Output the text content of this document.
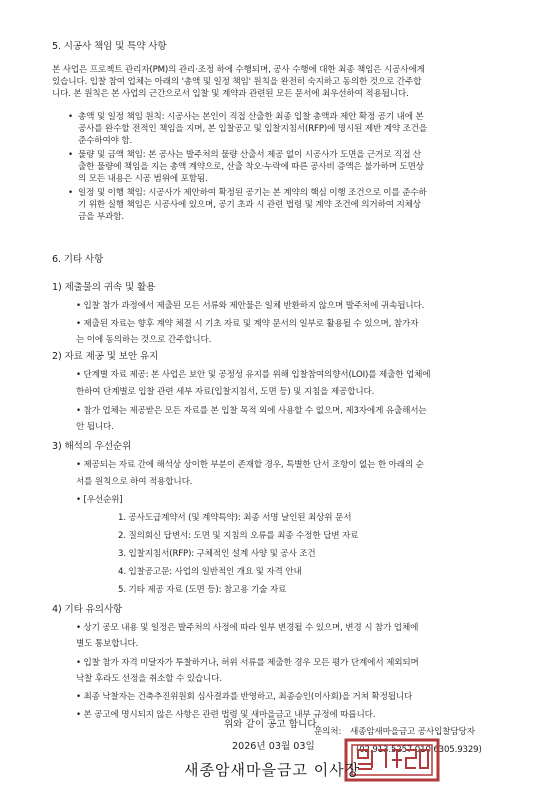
5. 시공사 책임 및 특약 사항
본 사업은 프로젝트 관리자(PM)의 관리·조정 하에 수행되며, 공사 수행에 대한 최종 책임은 시공사에게
있습니다. 입찰 참여 업체는 아래의 '총액 및 일정 책임' 원칙을 완전히 숙지하고 동의한 것으로 간주합
니다. 본 원칙은 본 사업의 근간으로서 입찰 및 계약과 관련된 모든 문서에 최우선하여 적용됩니다.
• 총액 및 일정 책임 원칙: 시공사는 본인이 직접 산출한 최종 입찰 총액과 제안 확정 공기 내에 본
공사를 완수할 전적인 책임을 지며, 본 입찰공고 및 입찰지침서(RFP)에 명시된 제반 계약 조건을
준수하여야 함.
• 물량 및 금액 책임: 본 공사는 발주처의 물량 산출서 제공 없이 시공사가 도면을 근거로 직접 산
출한 물량에 책임을 지는 총액 계약으로, 산출 착오·누락에 따른 공사비 증액은 불가하며 도면상
의 모든 내용은 시공 범위에 포함됨.
• 일정 및 이행 책임: 시공사가 제안하여 확정된 공기는 본 계약의 핵심 이행 조건으로 이를 준수하
기 위한 실행 책임은 시공사에 있으며, 공기 초과 시 관련 법령 및 계약 조건에 의거하여 지체상
금을 부과함.
6. 기타 사항
1) 제출물의 귀속 및 활용
• 입찰 참가 과정에서 제출된 모든 서류와 제안물은 일체 반환하지 않으며 발주처에 귀속됩니다.
• 제출된 자료는 향후 계약 체결 시 기초 자료 및 계약 문서의 일부로 활용될 수 있으며, 참가자
는 이에 동의하는 것으로 간주합니다.
2) 자료 제공 및 보안 유지
• 단계별 자료 제공: 본 사업은 보안 및 공정성 유지를 위해 입찰참여의향서(LOI)를 제출한 업체에
한하여 단계별로 입찰 관련 세부 자료(입찰지침서, 도면 등) 및 지침을 제공합니다.
• 참가 업체는 제공받은 모든 자료를 본 입찰 목적 외에 사용할 수 없으며, 제3자에게 유출해서는
안 됩니다.
3) 해석의 우선순위
• 제공되는 자료 간에 해석상 상이한 부분이 존재할 경우, 특별한 단서 조항이 없는 한 아래의 순
서를 원칙으로 하여 적용합니다.
• [우선순위]
1. 공사도급계약서 (및 계약특약): 최종 서명 날인된 최상위 문서
2. 질의회신 답변서: 도면 및 지침의 오류를 최종 수정한 답변 자료
3. 입찰지침서(RFP): 구체적인 설계 사양 및 공사 조건
4. 입찰공고문: 사업의 일반적인 개요 및 자격 안내
5. 기타 제공 자료 (도면 등): 참고용 기술 자료
4) 기타 유의사항
• 상기 공모 내용 및 일정은 발주처의 사정에 따라 일부 변경될 수 있으며, 변경 시 참가 업체에
별도 통보합니다.
• 입찰 참가 자격 미달자가 투찰하거나, 허위 서류를 제출한 경우 모든 평가 단계에서 제외되며
낙찰 후라도 선정을 취소할 수 있습니다.
• 최종 낙찰자는 건축추진위원회 심사결과를 반영하고, 최종승인(이사회)을 거쳐 확정됩니다
• 본 공고에 명시되지 않은 사항은 관련 법령 및 새마을금고 내부 규정에 따릅니다.
문의처: 새종암새마을금고 공사입찰담당자
(02.913.5257 010.6305.9329)
위와 같이 공고 합니다.
2026년 03월 03일
새종암새마을금고 이사장
